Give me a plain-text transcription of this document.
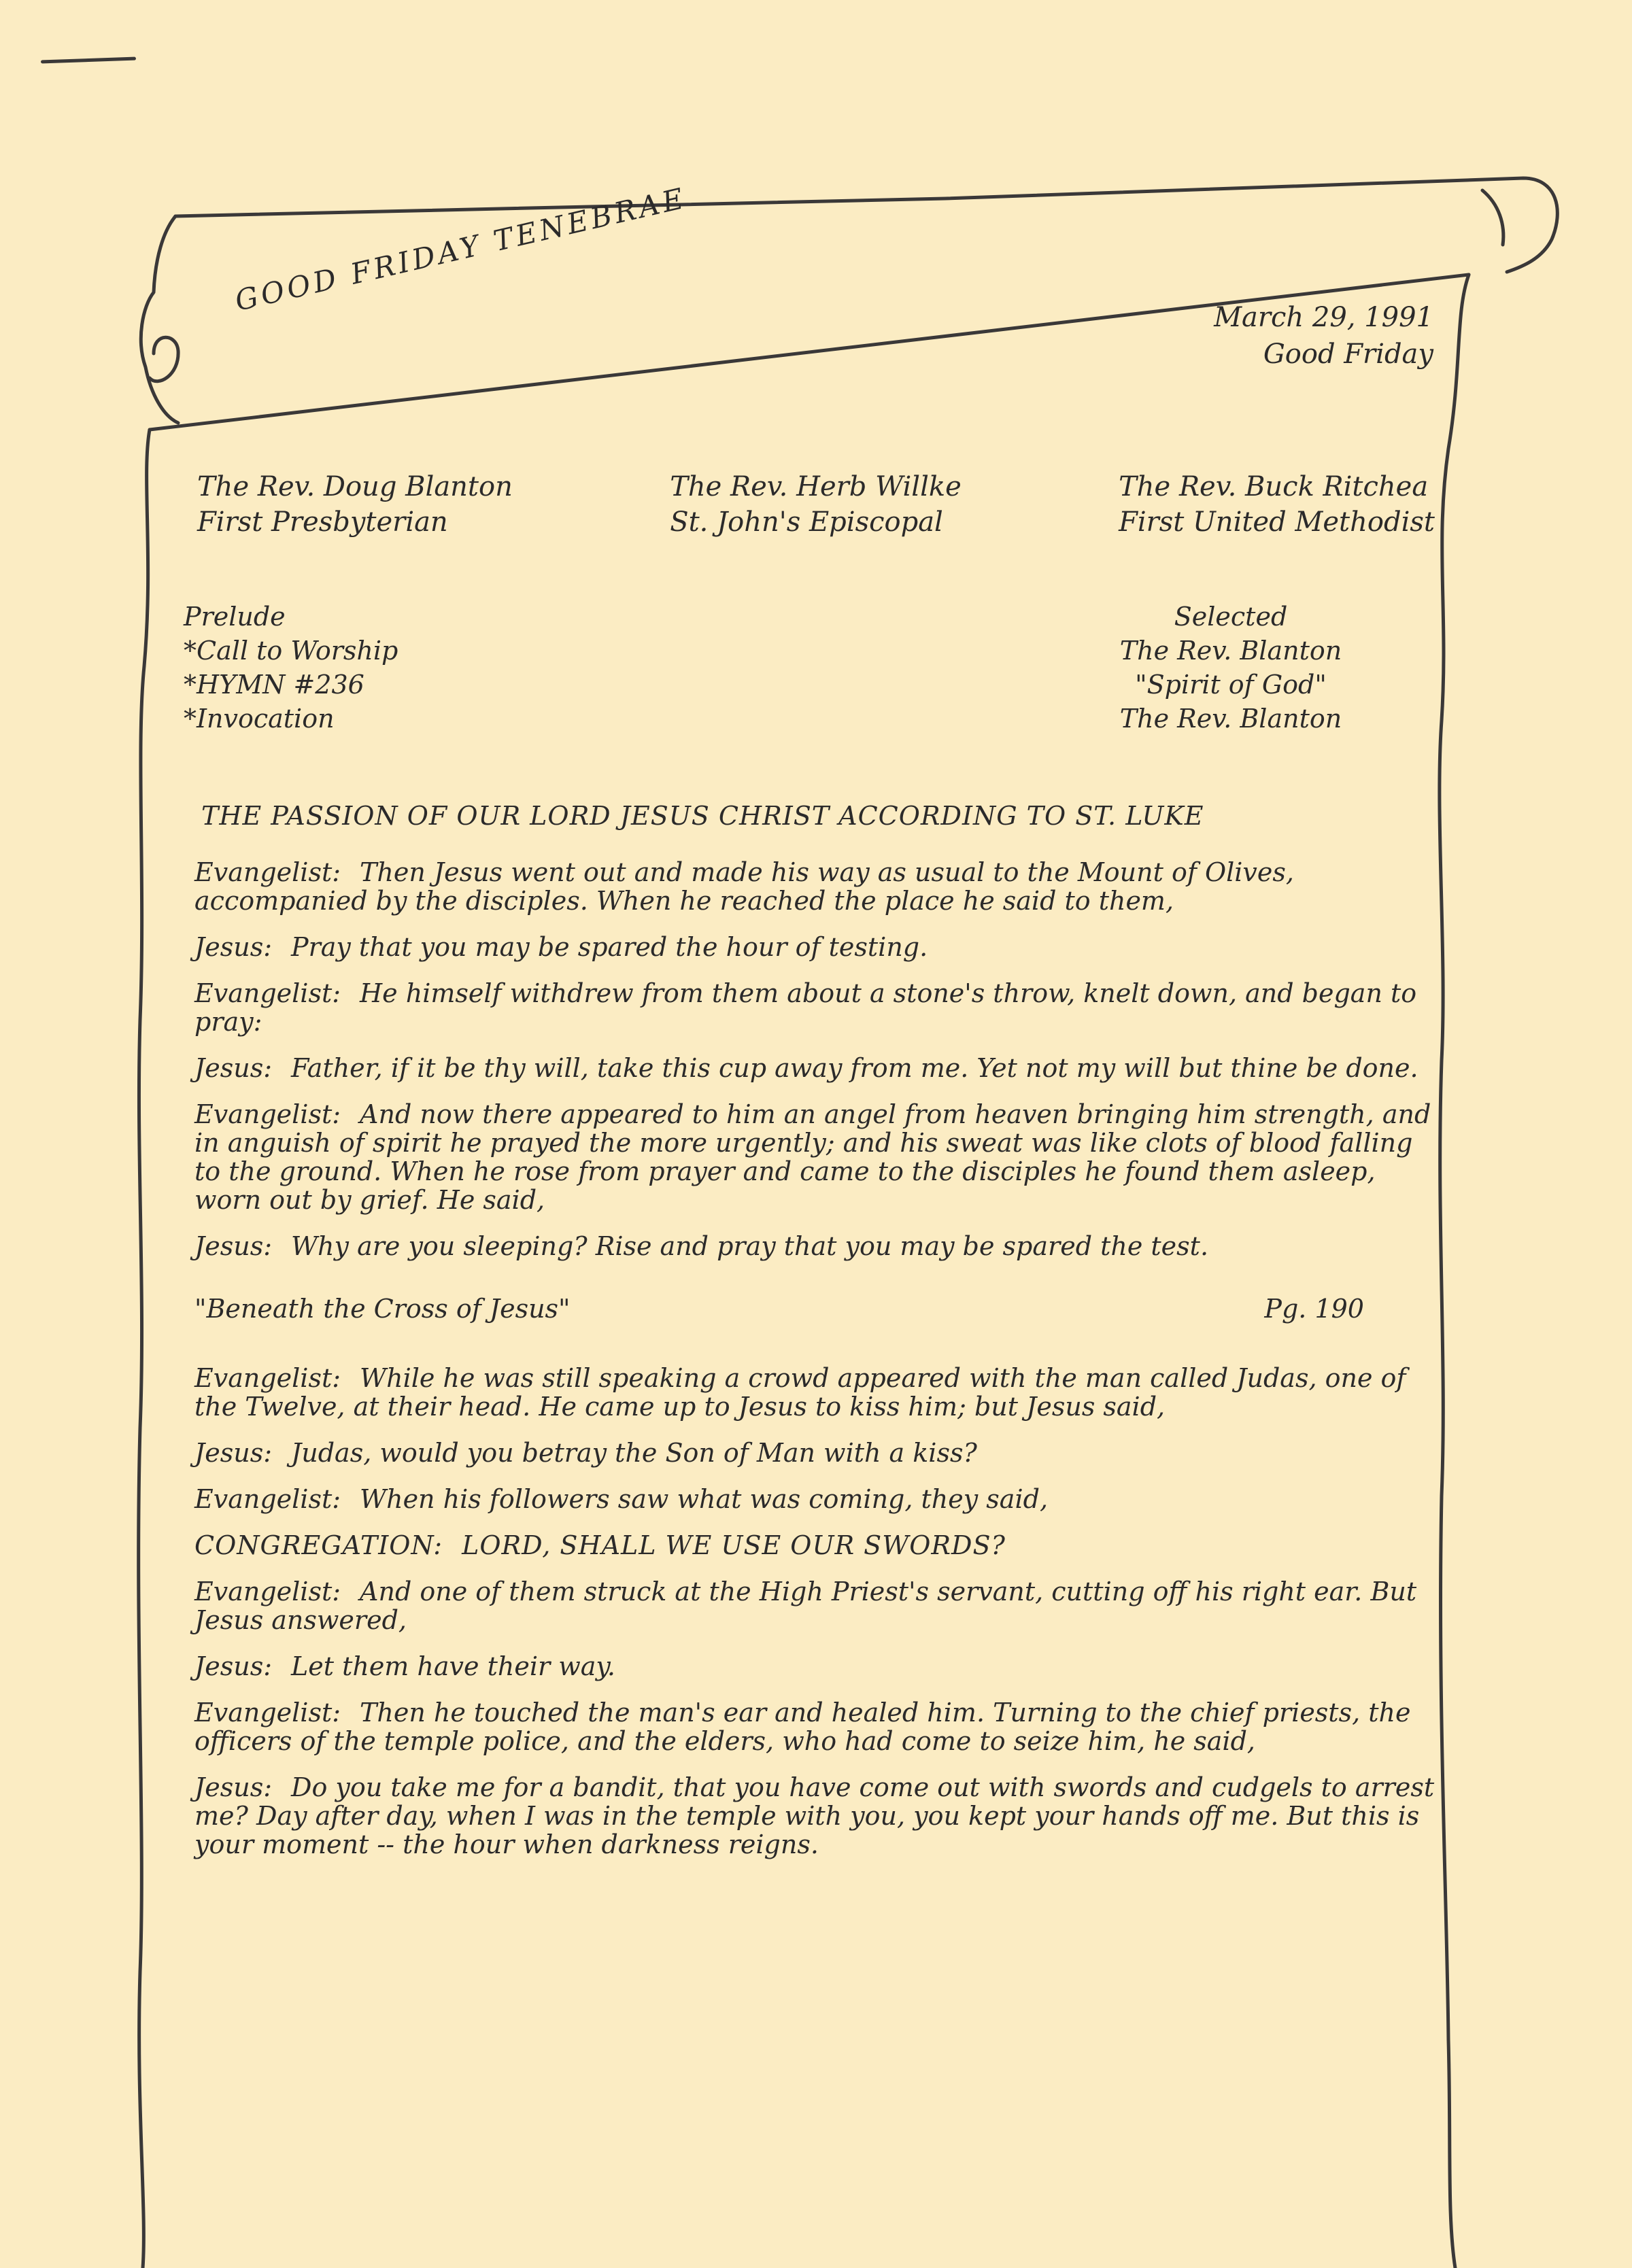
GOOD FRIDAY TENEBRAE	March 29, 1991
Good Friday
The Rev. Doug Blanton
First Presbyterian
The Rev. Herb Willke
St. John's Episcopal
The Rev. Buck Ritchea
First United Methodist
Prelude	Selected
*Call to Worship	The Rev. Blanton
*HYMN #236	"Spirit of God"
*Invocation	The Rev. Blanton
THE PASSION OF OUR LORD JESUS CHRIST ACCORDING TO ST. LUKE
Evangelist: Then Jesus went out and made his way as usual to the Mount of Olives, accompanied by the disciples. When he reached the place he said to them,
Jesus: Pray that you may be spared the hour of testing.
Evangelist: He himself withdrew from them about a stone's throw, knelt down, and began to pray:
Jesus: Father, if it be thy will, take this cup away from me. Yet not my will but thine be done.
Evangelist: And now there appeared to him an angel from heaven bringing him strength, and in anguish of spirit he prayed the more urgently; and his sweat was like clots of blood falling to the ground. When he rose from prayer and came to the disciples he found them asleep, worn out by grief. He said,
Jesus: Why are you sleeping? Rise and pray that you may be spared the test.
"Beneath the Cross of Jesus"	Pg. 190
Evangelist: While he was still speaking a crowd appeared with the man called Judas, one of the Twelve, at their head. He came up to Jesus to kiss him; but Jesus said,
Jesus: Judas, would you betray the Son of Man with a kiss?
Evangelist: When his followers saw what was coming, they said,
CONGREGATION: LORD, SHALL WE USE OUR SWORDS?
Evangelist: And one of them struck at the High Priest's servant, cutting off his right ear. But Jesus answered,
Jesus: Let them have their way.
Evangelist: Then he touched the man's ear and healed him. Turning to the chief priests, the officers of the temple police, and the elders, who had come to seize him, he said,
Jesus: Do you take me for a bandit, that you have come out with swords and cudgels to arrest me? Day after day, when I was in the temple with you, you kept your hands off me. But this is your moment -- the hour when darkness reigns.
